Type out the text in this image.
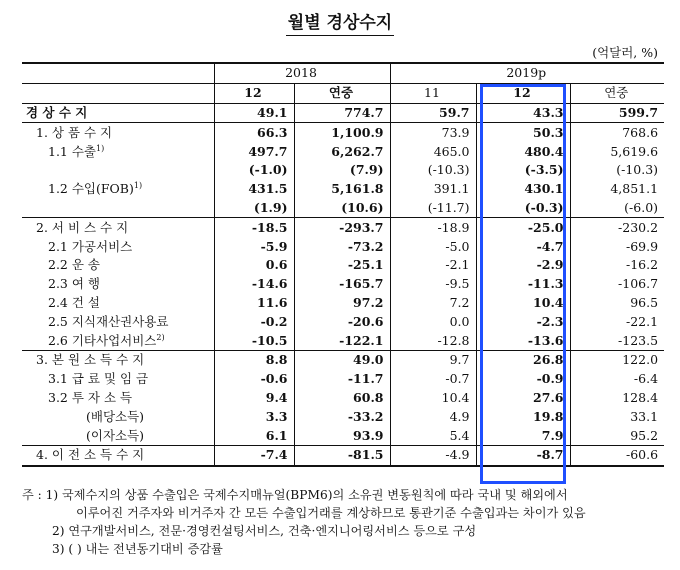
월별 경상수지
(억달러, %)
	2018		2019p		
	12	연중	11	12	연중
경 상 수 지	49.1	774.7	59.7	43.3	599.7
1. 상 품 수 지	66.3	1,100.9	73.9	50.3	768.6
1.1 수출$^{1)}$	497.7	6,262.7	465.0	480.4	5,619.6
	(-1.0)	(7.9)	(-10.3)	(-3.5)	(-10.3)
1.2 수입(FOB)$^{1)}$	431.5	5,161.8	391.1	430.1	4,851.1
	(1.9)	(10.6)	(-11.7)	(-0.3)	(-6.0)
2. 서 비 스 수 지	-18.5	-293.7	-18.9	-25.0	-230.2
2.1 가공서비스	-5.9	-73.2	-5.0	-4.7	-69.9
2.2 운 송	0.6	-25.1	-2.1	-2.9	-16.2
2.3 여 행	-14.6	-165.7	-9.5	-11.3	-106.7
2.4 건 설	11.6	97.2	7.2	10.4	96.5
2.5 지식재산권사용료	-0.2	-20.6	0.0	-2.3	-22.1
2.6 기타사업서비스$^{2)}$	-10.5	-122.1	-12.8	-13.6	-123.5
3. 본 원 소 득 수 지	8.8	49.0	9.7	26.8	122.0
3.1 급 료 및 임 금	-0.6	-11.7	-0.7	-0.9	-6.4
3.2 투 자 소 득	9.4	60.8	10.4	27.6	128.4
(배당소득)	3.3	-33.2	4.9	19.8	33.1
(이자소득)	6.1	93.9	5.4	7.9	95.2
4. 이 전 소 득 수 지	-7.4	-81.5	-4.9	-8.7	-60.6
주 : 1) 국제수지의 상품 수출입은 국제수지매뉴얼(BPM6)의 소유권 변동원칙에 따라 국내 및 해외에서
이루어진 거주자와 비거주자 간 모든 수출입거래를 계상하므로 통관기준 수출입과는 차이가 있음
2) 연구개발서비스, 전문·경영컨설팅서비스, 건축·엔지니어링서비스 등으로 구성
3) ( ) 내는 전년동기대비 증감률
